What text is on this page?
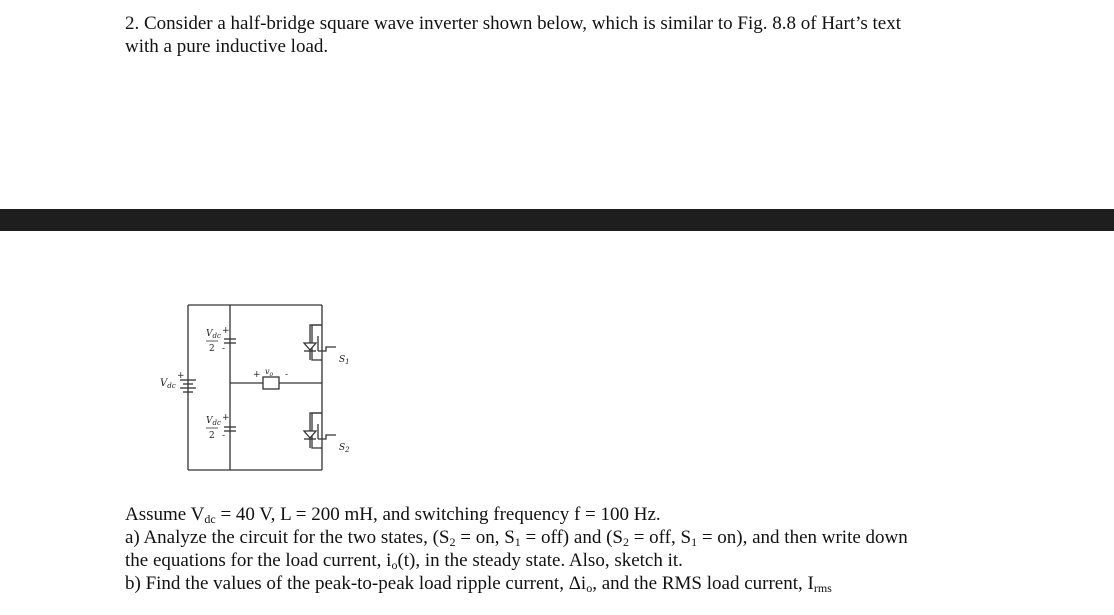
2. Consider a half-bridge square wave inverter shown below, which is similar to Fig. 8.8 of Hart’s text
with a pure inductive load.

$V_{dc}$
+
$V_{dc}$
2
+
-
$V_{dc}$
2
+
-
+ $v_o$ -
$S_1$
$S_2$

Assume $V_{dc} = 40$ V, L = 200 mH, and switching frequency f = 100 Hz.
a) Analyze the circuit for the two states, ($S_2$ = on, $S_1 = off$) and ($S_2$ = off, $S_1 = on$), and then write down
the equations for the load current, $i_o(t)$, in the steady state. Also, sketch it.
b) Find the values of the peak-to-peak load ripple current, $\Delta i_o$, and the RMS load current, $I_{rms}$
